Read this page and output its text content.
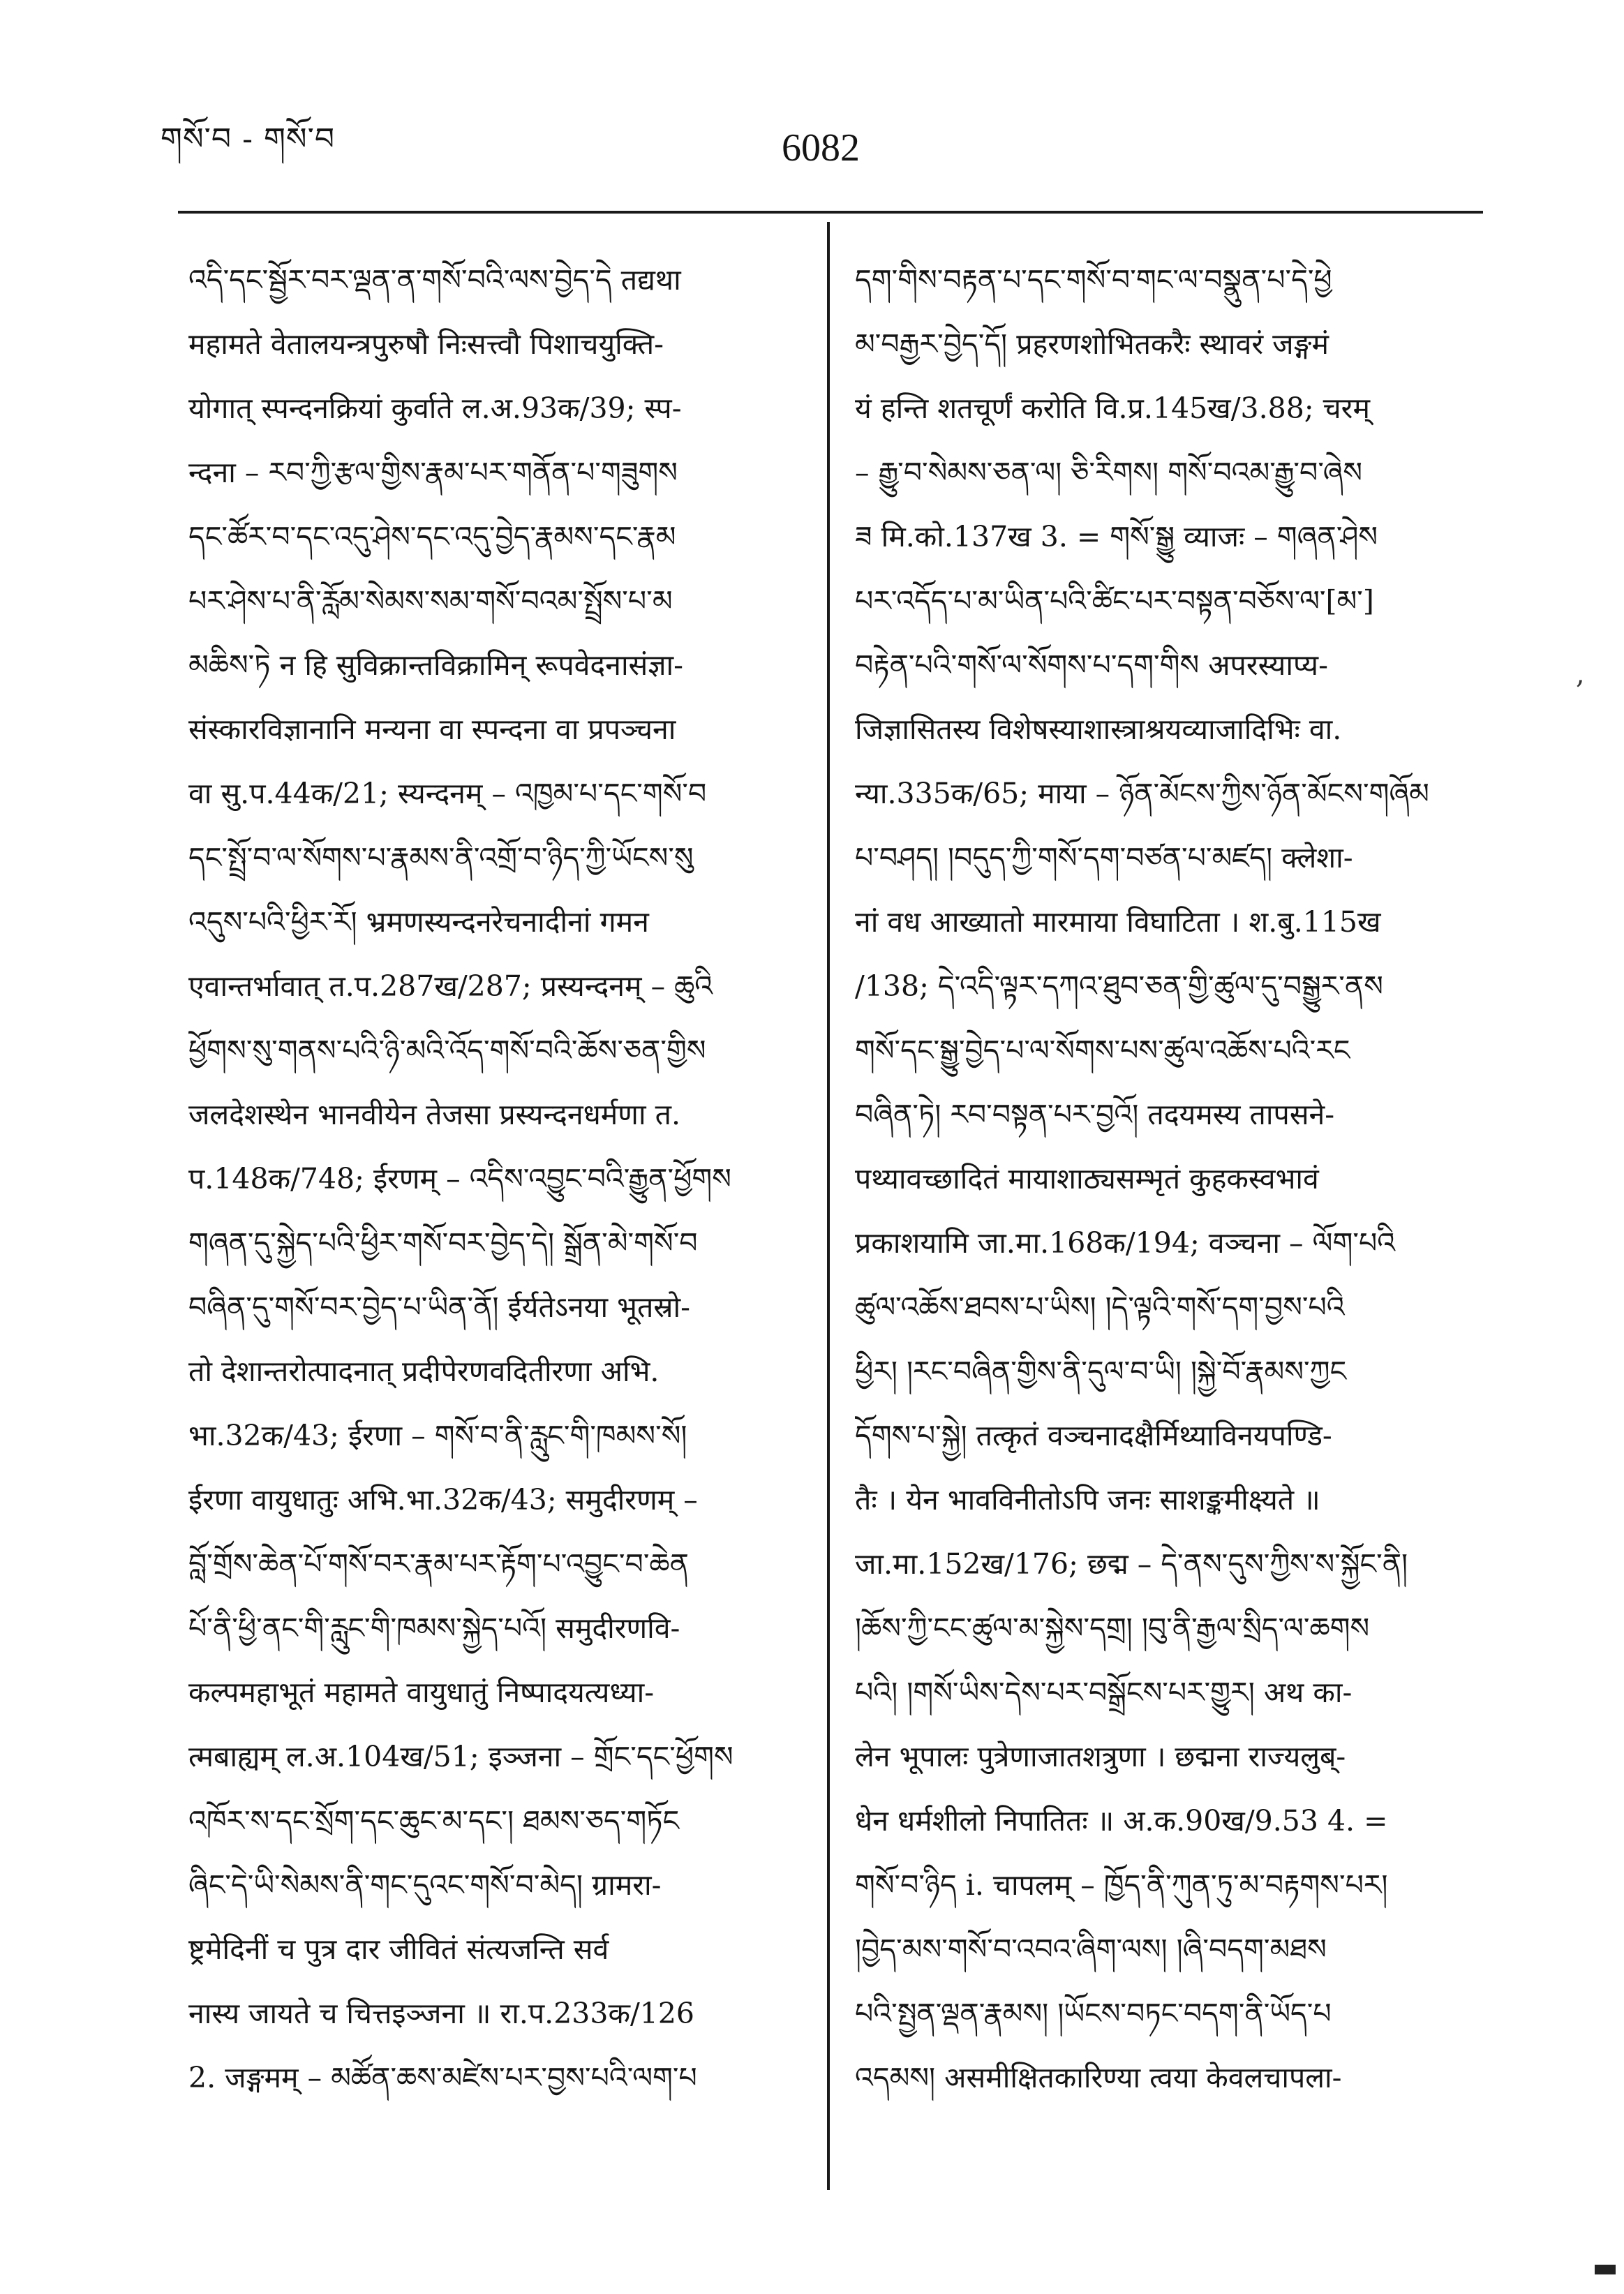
གསོ་བ - གསོ་བ	6082
འདི་དང་སྦྱོར་བར་ལྡན་ན་གསོ་བའི་ལས་བྱེད་དེ तद्यथा
महामते वेतालयन्त्रपुरुषौ निःसत्त्वौ पिशाचयुक्ति-
योगात् स्पन्दनक्रियां कुर्वाते ल.अ.93क/39; स्प-
न्दना – རབ་ཀྱི་རྩལ་གྱིས་རྣམ་པར་གནོན་པ་གཟུགས
དང་ཚོར་བ་དང་འདུ་ཤེས་དང་འདུ་བྱེད་རྣམས་དང་རྣམ
པར་ཤེས་པ་ནི་རློམ་སེམས་སམ་གསོ་བའམ་སྤྲོས་པ་མ
མཆིས་ཏེ न हि सुविक्रान्तविक्रामिन् रूपवेदनासंज्ञा-
संस्कारविज्ञानानि मन्यना वा स्पन्दना वा प्रपञ्चना
वा सु.प.44क/21; स्यन्दनम् – འཁྱམ་པ་དང་གསོ་བ
དང་སྤྲོ་བ་ལ་སོགས་པ་རྣམས་ནི་འགྲོ་བ་ཉིད་ཀྱི་ཡོངས་སུ
འདུས་པའི་ཕྱིར་རོ། भ्रमणस्यन्दनरेचनादीनां गमन
एवान्तर्भावात् त.प.287ख/287; प्रस्यन्दनम् – ཆུའི
ཕྱོགས་སུ་གནས་པའི་ཉི་མའི་འོད་གསོ་བའི་ཆོས་ཅན་གྱིས
जलदेशस्थेन भानवीयेन तेजसा प्रस्यन्दनधर्मणा त.
प.148क/748; ईरणम् – འདིས་འབྱུང་བའི་རྒྱུན་ཕྱོགས
གཞན་དུ་སྐྱེད་པའི་ཕྱིར་གསོ་བར་བྱེད་དེ། སྒྲོན་མེ་གསོ་བ
བཞིན་དུ་གསོ་བར་བྱེད་པ་ཡིན་ནོ། ईर्यतेऽनया भूतस्रो-
तो देशान्तरोत्पादनात् प्रदीपेरणवदितीरणा अभि.
भा.32क/43; ईरणा – གསོ་བ་ནི་རླུང་གི་ཁམས་སོ།
ईरणा वायुधातुः अभि.भा.32क/43; समुदीरणम् –
བློ་གྲོས་ཆེན་པོ་གསོ་བར་རྣམ་པར་རྟོག་པ་འབྱུང་བ་ཆེན
པོ་ནི་ཕྱི་ནང་གི་རླུང་གི་ཁམས་སྐྱེད་པའོ། समुदीरणवि-
कल्पमहाभूतं महामते वायुधातुं निष्पादयत्यध्या-
त्मबाह्यम् ल.अ.104ख/51; इञ्जना – གྲོང་དང་ཕྱོགས
འཁོར་ས་དང་སྲོག་དང་ཆུང་མ་དང་། ཐམས་ཅད་གཏོང
ཞིང་དེ་ཡི་སེམས་ནི་གང་དུའང་གསོ་བ་མེད། ग्रामरा-
ष्ट्रमेदिनीं च पुत्र दार जीवितं संत्यजन्ति सर्व
नास्य जायते च चित्तइञ्जना ॥ रा.प.233क/126
2. जङ्गमम् – མཚོན་ཆས་མཛེས་པར་བྱས་པའི་ལག་པ
དག་གིས་བརྟན་པ་དང་གསོ་བ་གང་ལ་བསྣུན་པ་དེ་ཕྱེ
མ་བརྒྱར་བྱེད་དོ། प्रहरणशोभितकरैः स्थावरं जङ्गमं
यं हन्ति शतचूर्णं करोति वि.प्र.145ख/3.88; चरम्
– རྒྱུ་བ་སེམས་ཅན་ལ། ཅི་རིགས། གསོ་བའམ་རྒྱུ་བ་ཞེས
ཟ मि.को.137ख 3. = གསོ་སྒྱུ व्याजः – གཞན་ཤེས
པར་འདོད་པ་མ་ཡིན་པའི་ཚིང་པར་བསྟན་བཅོས་ལ་[མ་]
བརྟེན་པའི་གསོ་ལ་སོགས་པ་དག་གིས अपरस्याप्य-
जिज्ञासितस्य विशेषस्याशास्त्राश्रयव्याजादिभिः वा.
न्या.335क/65; माया – ཉོན་མོངས་ཀྱིས་ཉོན་མོངས་གཞོམ
པ་བཤད། །བདུད་ཀྱི་གསོ་དག་བཙན་པ་མཛད། क्लेशा-
नां वध आख्यातो मारमाया विघाटिता । श.बु.115ख
/138; དེ་འདི་ལྟར་དཀའ་ཐུབ་ཅན་གྱི་ཚུལ་དུ་བསྒྱུར་ནས
གསོ་དང་སྒྱུ་བྱེད་པ་ལ་སོགས་པས་ཚུལ་འཆོས་པའི་རང
བཞིན་ཏེ། རབ་བསྟན་པར་བྱའོ། तदयमस्य तापसने-
पथ्यावच्छादितं मायाशाठ्यसम्भृतं कुहकस्वभावं
प्रकाशयामि जा.मा.168क/194; वञ्चना – ལོག་པའི
ཚུལ་འཆོས་ཐབས་པ་ཡིས། །དེ་ལྟའི་གསོ་དག་བྱས་པའི
ཕྱིར། །རང་བཞིན་གྱིས་ནི་དུལ་བ་ཡི། །སྐྱེ་བོ་རྣམས་ཀྱང
དོགས་པ་སྐྱེ། तत्कृतं वञ्चनादक्षैर्मिथ्याविनयपण्डि-
तैः । येन भावविनीतोऽपि जनः साशङ्कमीक्ष्यते ॥
जा.मा.152ख/176; छद्म – དེ་ནས་དུས་ཀྱིས་ས་སྐྱོང་ནི།
།ཆོས་ཀྱི་ངང་ཚུལ་མ་སྐྱེས་དགྲ། །བུ་ནི་རྒྱལ་སྲིད་ལ་ཆགས
པའི། །གསོ་ཡིས་དེས་པར་བསྒྲོངས་པར་གྱུར། अथ का-
लेन भूपालः पुत्रेणाजातशत्रुणा । छद्मना राज्यलुब्-
धेन धर्मशीलो निपातितः ॥ अ.क.90ख/9.53 4. =
གསོ་བ་ཉིད i. चापलम् – ཁྱོད་ནི་ཀུན་ཏུ་མ་བརྟགས་པར།
།བྱེད་མས་གསོ་བ་འབའ་ཞིག་ལས། །ཞི་བདག་མཐས
པའི་སྤྱན་ལྡན་རྣམས། །ཡོངས་བཏང་བདག་ནི་ཡོད་པ
འདམས། असमीक्षितकारिण्या त्वया केवलचापला-
,
